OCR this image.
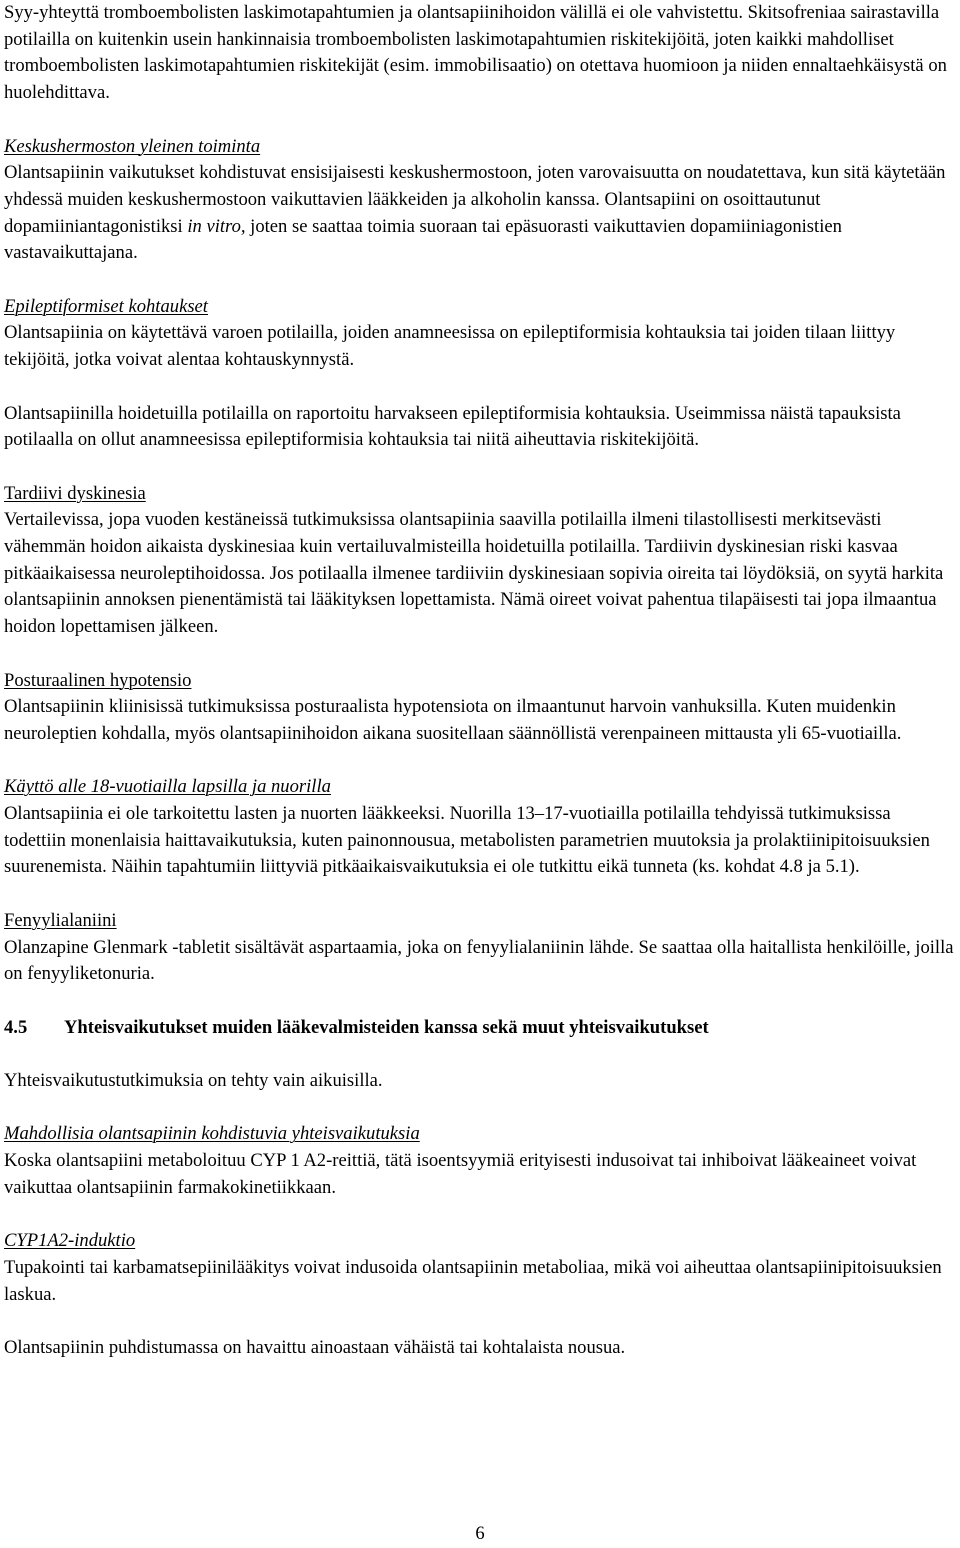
Syy-yhteyttä tromboembolisten laskimotapahtumien ja olantsapiinihoidon välillä ei ole vahvistettu. Skitsofreniaa sairastavilla potilailla on kuitenkin usein hankinnaisia tromboembolisten laskimotapahtumien riskitekijöitä, joten kaikki mahdolliset tromboembolisten laskimotapahtumien riskitekijät (esim. immobilisaatio) on otettava huomioon ja niiden ennaltaehkäisystä on huolehdittava.

Keskushermoston yleinen toiminta

Olantsapiinin vaikutukset kohdistuvat ensisijaisesti keskushermostoon, joten varovaisuutta on noudatettava, kun sitä käytetään yhdessä muiden keskushermostoon vaikuttavien lääkkeiden ja alkoholin kanssa. Olantsapiini on osoittautunut dopamiiniantagonistiksi in vitro, joten se saattaa toimia suoraan tai epäsuorasti vaikuttavien dopamiiniagonistien vastavaikuttajana.

Epileptiformiset kohtaukset

Olantsapiinia on käytettävä varoen potilailla, joiden anamneesissa on epileptiformisia kohtauksia tai joiden tilaan liittyy tekijöitä, jotka voivat alentaa kohtauskynnystä.

Olantsapiinilla hoidetuilla potilailla on raportoitu harvakseen epileptiformisia kohtauksia. Useimmissa näistä tapauksista potilaalla on ollut anamneesissa epileptiformisia kohtauksia tai niitä aiheuttavia riskitekijöitä.

Tardiivi dyskinesia

Vertailevissa, jopa vuoden kestäneissä tutkimuksissa olantsapiinia saavilla potilailla ilmeni tilastollisesti merkitsevästi vähemmän hoidon aikaista dyskinesiaa kuin vertailuvalmisteilla hoidetuilla potilailla. Tardiivin dyskinesian riski kasvaa pitkäaikaisessa neuroleptihoidossa. Jos potilaalla ilmenee tardiiviin dyskinesiaan sopivia oireita tai löydöksiä, on syytä harkita olantsapiinin annoksen pienentämistä tai lääkityksen lopettamista. Nämä oireet voivat pahentua tilapäisesti tai jopa ilmaantua hoidon lopettamisen jälkeen.

Posturaalinen hypotensio

Olantsapiinin kliinisissä tutkimuksissa posturaalista hypotensiota on ilmaantunut harvoin vanhuksilla. Kuten muidenkin neuroleptien kohdalla, myös olantsapiinihoidon aikana suositellaan säännöllistä verenpaineen mittausta yli 65-vuotiailla.

Käyttö alle 18-vuotiailla lapsilla ja nuorilla

Olantsapiinia ei ole tarkoitettu lasten ja nuorten lääkkeeksi. Nuorilla 13–17-vuotiailla potilailla tehdyissä tutkimuksissa todettiin monenlaisia haittavaikutuksia, kuten painonnousua, metabolisten parametrien muutoksia ja prolaktiinipitoisuuksien suurenemista. Näihin tapahtumiin liittyviä pitkäaikaisvaikutuksia ei ole tutkittu eikä tunneta (ks. kohdat 4.8 ja 5.1).

Fenyylialaniini

Olanzapine Glenmark -tabletit sisältävät aspartaamia, joka on fenyylialaniinin lähde. Se saattaa olla haitallista henkilöille, joilla on fenyyliketonuria.

4.5	Yhteisvaikutukset muiden lääkevalmisteiden kanssa sekä muut yhteisvaikutukset

Yhteisvaikutustutkimuksia on tehty vain aikuisilla.

Mahdollisia olantsapiinin kohdistuvia yhteisvaikutuksia

Koska olantsapiini metaboloituu CYP 1 A2-reittiä, tätä isoentsyymiä erityisesti indusoivat tai inhiboivat lääkeaineet voivat vaikuttaa olantsapiinin farmakokinetiikkaan.

CYP1A2-induktio

Tupakointi tai karbamatsepiinilääkitys voivat indusoida olantsapiinin metaboliaa, mikä voi aiheuttaa olantsapiinipitoisuuksien laskua.

Olantsapiinin puhdistumassa on havaittu ainoastaan vähäistä tai kohtalaista nousua.

6
